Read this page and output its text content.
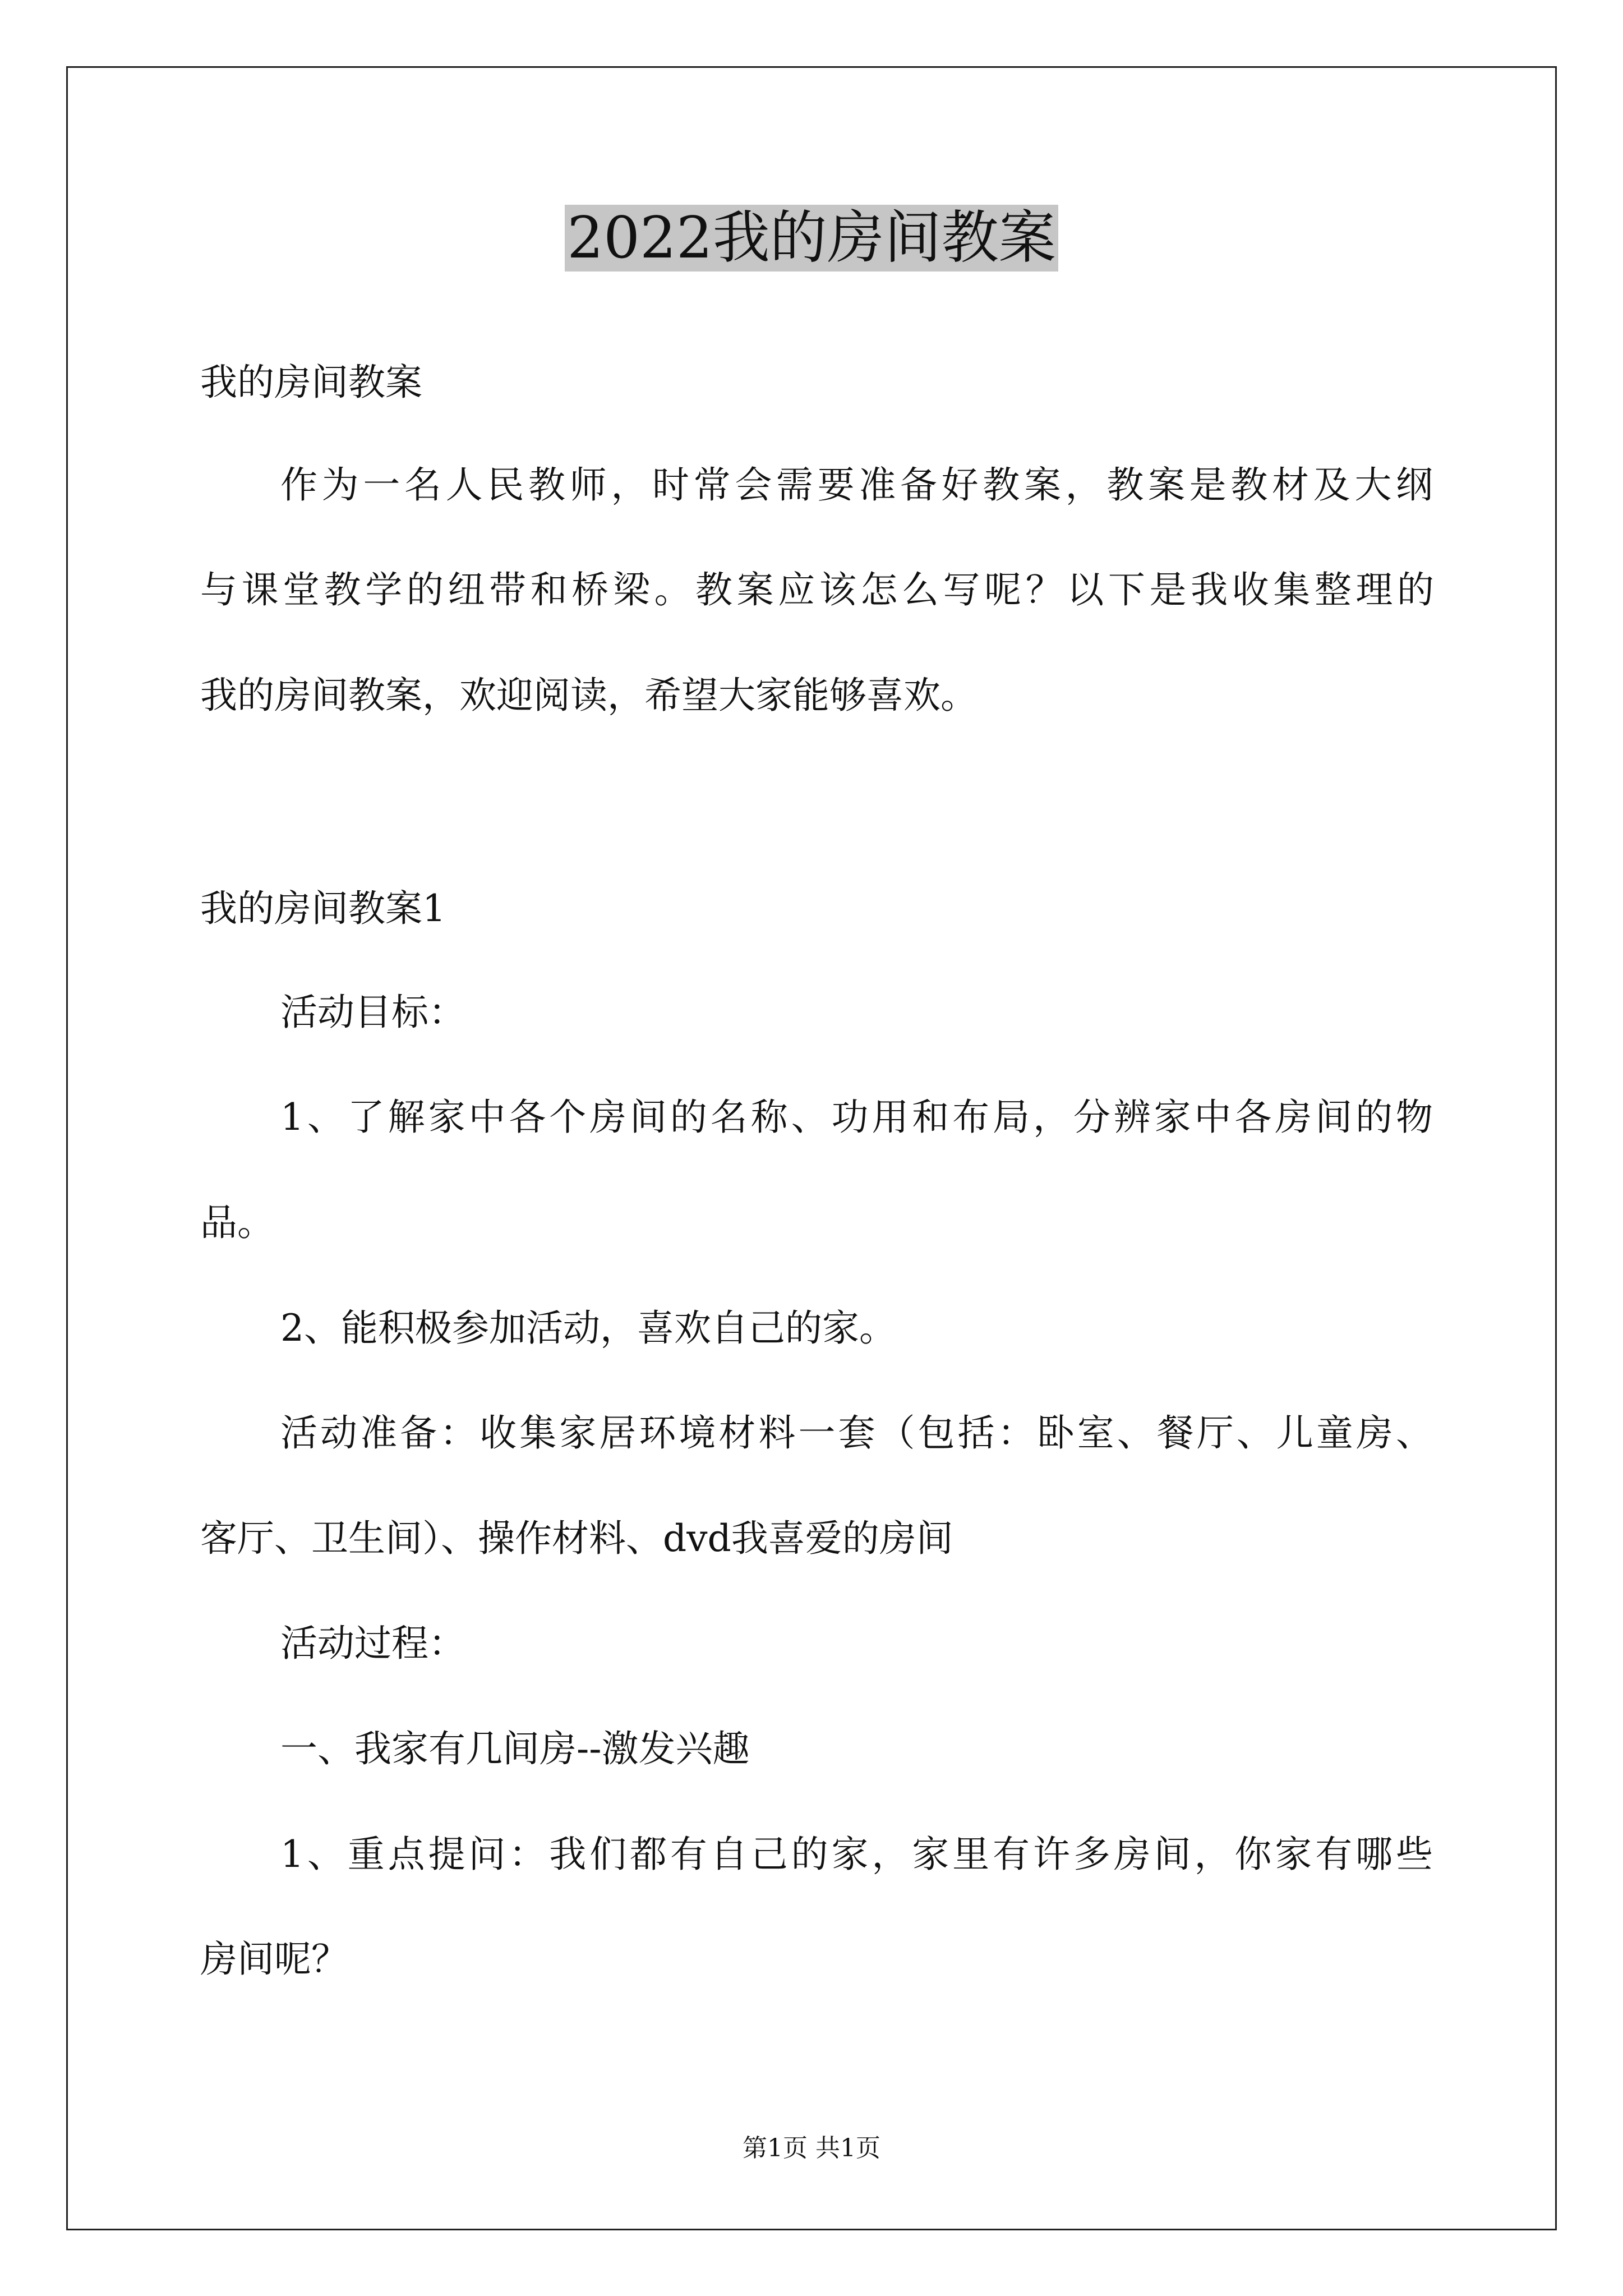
2022我的房间教案

我的房间教案

作为一名人民教师，时常会需要准备好教案，教案是教材及大纲

与课堂教学的纽带和桥梁。教案应该怎么写呢？以下是我收集整理的

我的房间教案，欢迎阅读，希望大家能够喜欢。

我的房间教案1

活动目标：

1、了解家中各个房间的名称、功用和布局，分辨家中各房间的物

品。

2、能积极参加活动，喜欢自己的家。

活动准备：收集家居环境材料一套（包括：卧室、餐厅、儿童房、

客厅、卫生间）、操作材料、dvd我喜爱的房间

活动过程：

一、我家有几间房--激发兴趣

1、重点提问：我们都有自己的家，家里有许多房间，你家有哪些

房间呢？

第1页 共1页
